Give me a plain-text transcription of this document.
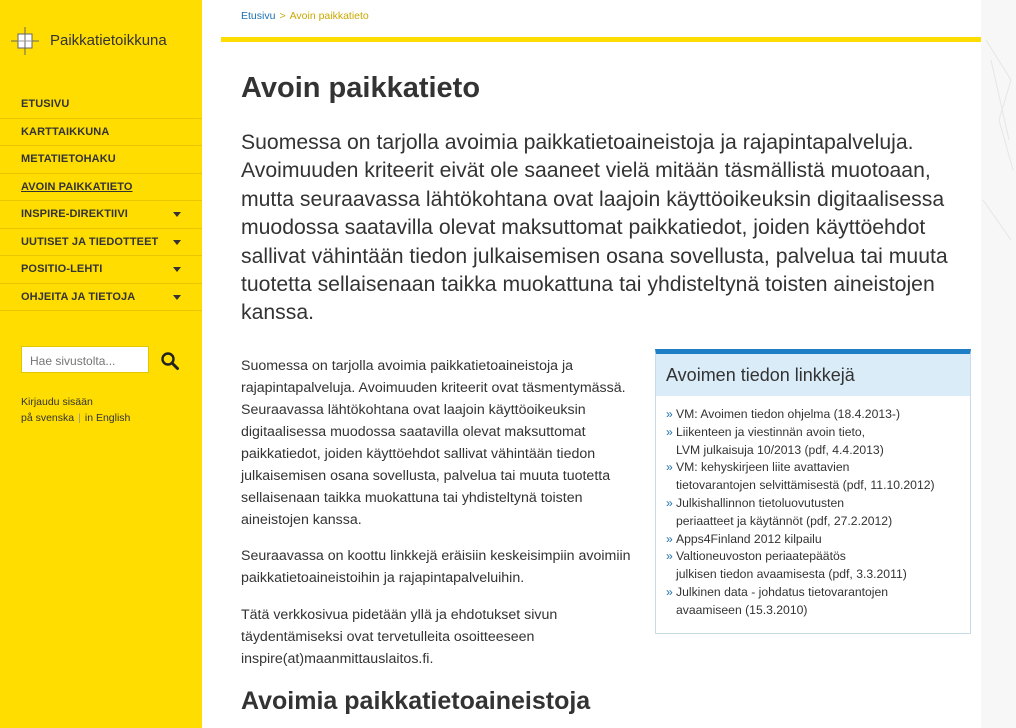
Paikkatietoikkuna
ETUSIVU
KARTTAIKKUNA
METATIETOHAKU
AVOIN PAIKKATIETO
INSPIRE-DIREKTIIVI
UUTISET JA TIEDOTTEET
POSITIO-LEHTI
OHJEITA JA TIETOJA
Hae sivustolta...
Kirjaudu sisään
på svenska | in English
Etusivu > Avoin paikkatieto
Avoin paikkatieto

Suomessa on tarjolla avoimia paikkatietoaineistoja ja rajapintapalveluja. Avoimuuden kriteerit eivät ole saaneet vielä mitään täsmällistä muotoaan, mutta seuraavassa lähtökohtana ovat laajoin käyttöoikeuksin digitaalisessa muodossa saatavilla olevat maksuttomat paikkatiedot, joiden käyttöehdot sallivat vähintään tiedon julkaisemisen osana sovellusta, palvelua tai muuta tuotetta sellaisenaan taikka muokattuna tai yhdisteltynä toisten aineistojen kanssa.

Suomessa on tarjolla avoimia paikkatietoaineistoja ja rajapintapalveluja. Avoimuuden kriteerit ovat täsmentymässä. Seuraavassa lähtökohtana ovat laajoin käyttöoikeuksin digitaalisessa muodossa saatavilla olevat maksuttomat paikkatiedot, joiden käyttöehdot sallivat vähintään tiedon julkaisemisen osana sovellusta, palvelua tai muuta tuotetta sellaisenaan taikka muokattuna tai yhdisteltynä toisten aineistojen kanssa.

Seuraavassa on koottu linkkejä eräisiin keskeisimpiin avoimiin paikkatietoaineistoihin ja rajapintapalveluihin.

Tätä verkkosivua pidetään yllä ja ehdotukset sivun täydentämiseksi ovat tervetulleita osoitteeseen inspire(at)maanmittauslaitos.fi.

Avoimia paikkatietoaineistoja
Avoimen tiedon linkkejä
» VM: Avoimen tiedon ohjelma (18.4.2013-)
» Liikenteen ja viestinnän avoin tieto,
LVM julkaisuja 10/2013 (pdf, 4.4.2013)
» VM: kehyskirjeen liite avattavien
tietovarantojen selvittämisestä (pdf, 11.10.2012)
» Julkishallinnon tietoluovutusten
periaatteet ja käytännöt (pdf, 27.2.2012)
» Apps4Finland 2012 kilpailu
» Valtioneuvoston periaatepäätös
julkisen tiedon avaamisesta (pdf, 3.3.2011)
» Julkinen data - johdatus tietovarantojen
avaamiseen (15.3.2010)
